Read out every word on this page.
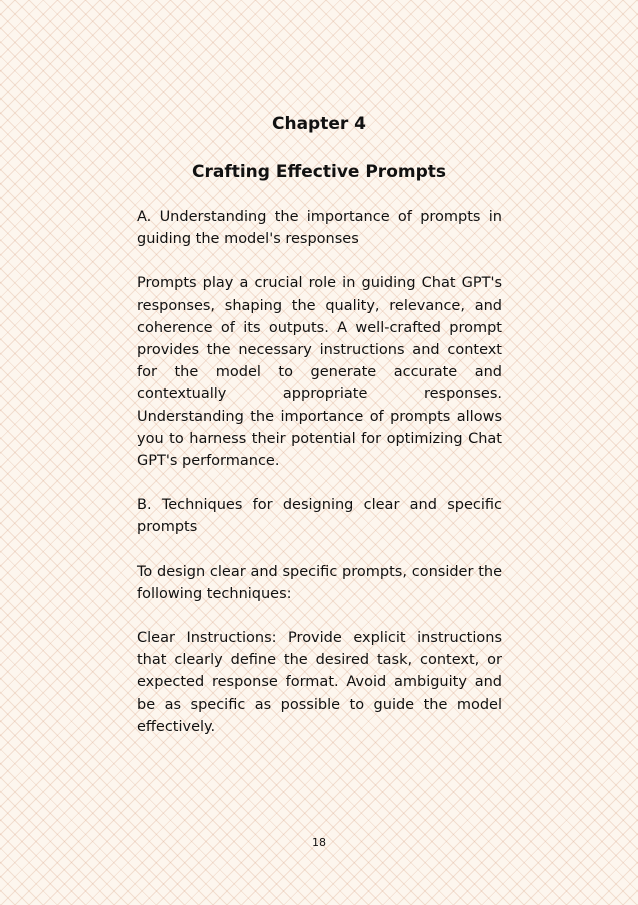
Chapter 4
Crafting Effective Prompts

A. Understanding the importance of prompts in guiding the model's responses

Prompts play a crucial role in guiding Chat GPT's responses, shaping the quality, relevance, and coherence of its outputs. A well-crafted prompt provides the necessary instructions and context for the model to generate accurate and contextually appropriate responses. Understanding the importance of prompts allows you to harness their potential for optimizing Chat GPT's performance.

B. Techniques for designing clear and specific prompts

To design clear and specific prompts, consider the following techniques:

Clear Instructions: Provide explicit instructions that clearly define the desired task, context, or expected response format. Avoid ambiguity and be as specific as possible to guide the model effectively.

18
